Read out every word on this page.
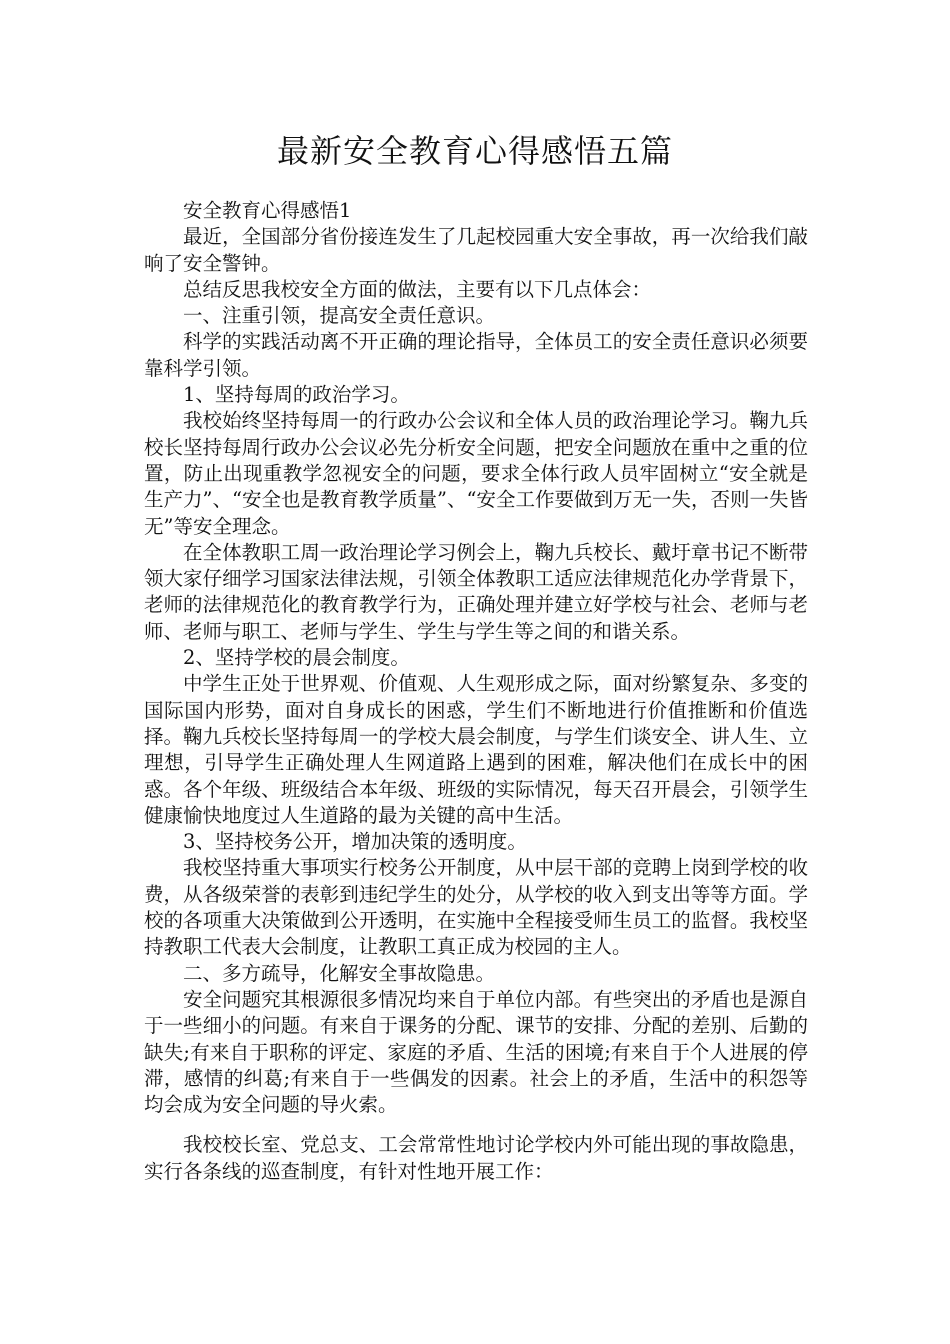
最新安全教育心得感悟五篇

安全教育心得感悟1

最近，全国部分省份接连发生了几起校园重大安全事故，再一次给我们敲响了安全警钟。

总结反思我校安全方面的做法，主要有以下几点体会：

一、注重引领，提高安全责任意识。

科学的实践活动离不开正确的理论指导，全体员工的安全责任意识必须要靠科学引领。

1、坚持每周的政治学习。

我校始终坚持每周一的行政办公会议和全体人员的政治理论学习。鞠九兵校长坚持每周行政办公会议必先分析安全问题，把安全问题放在重中之重的位置，防止出现重教学忽视安全的问题，要求全体行政人员牢固树立“安全就是生产力”、“安全也是教育教学质量”、“安全工作要做到万无一失，否则一失皆无”等安全理念。

在全体教职工周一政治理论学习例会上，鞠九兵校长、戴圩章书记不断带领大家仔细学习国家法律法规，引领全体教职工适应法律规范化办学背景下，老师的法律规范化的教育教学行为，正确处理并建立好学校与社会、老师与老师、老师与职工、老师与学生、学生与学生等之间的和谐关系。

2、坚持学校的晨会制度。

中学生正处于世界观、价值观、人生观形成之际，面对纷繁复杂、多变的国际国内形势，面对自身成长的困惑，学生们不断地进行价值推断和价值选择。鞠九兵校长坚持每周一的学校大晨会制度，与学生们谈安全、讲人生、立理想，引导学生正确处理人生网道路上遇到的困难，解决他们在成长中的困惑。各个年级、班级结合本年级、班级的实际情况，每天召开晨会，引领学生健康愉快地度过人生道路的最为关键的高中生活。

3、坚持校务公开，增加决策的透明度。

我校坚持重大事项实行校务公开制度，从中层干部的竞聘上岗到学校的收费，从各级荣誉的表彰到违纪学生的处分，从学校的收入到支出等等方面。学校的各项重大决策做到公开透明，在实施中全程接受师生员工的监督。我校坚持教职工代表大会制度，让教职工真正成为校园的主人。

二、多方疏导，化解安全事故隐患。

安全问题究其根源很多情况均来自于单位内部。有些突出的矛盾也是源自于一些细小的问题。有来自于课务的分配、课节的安排、分配的差别、后勤的缺失;有来自于职称的评定、家庭的矛盾、生活的困境;有来自于个人进展的停滞，感情的纠葛;有来自于一些偶发的因素。社会上的矛盾，生活中的积怨等均会成为安全问题的导火索。

我校校长室、党总支、工会常常性地讨论学校内外可能出现的事故隐患，实行各条线的巡查制度，有针对性地开展工作：
